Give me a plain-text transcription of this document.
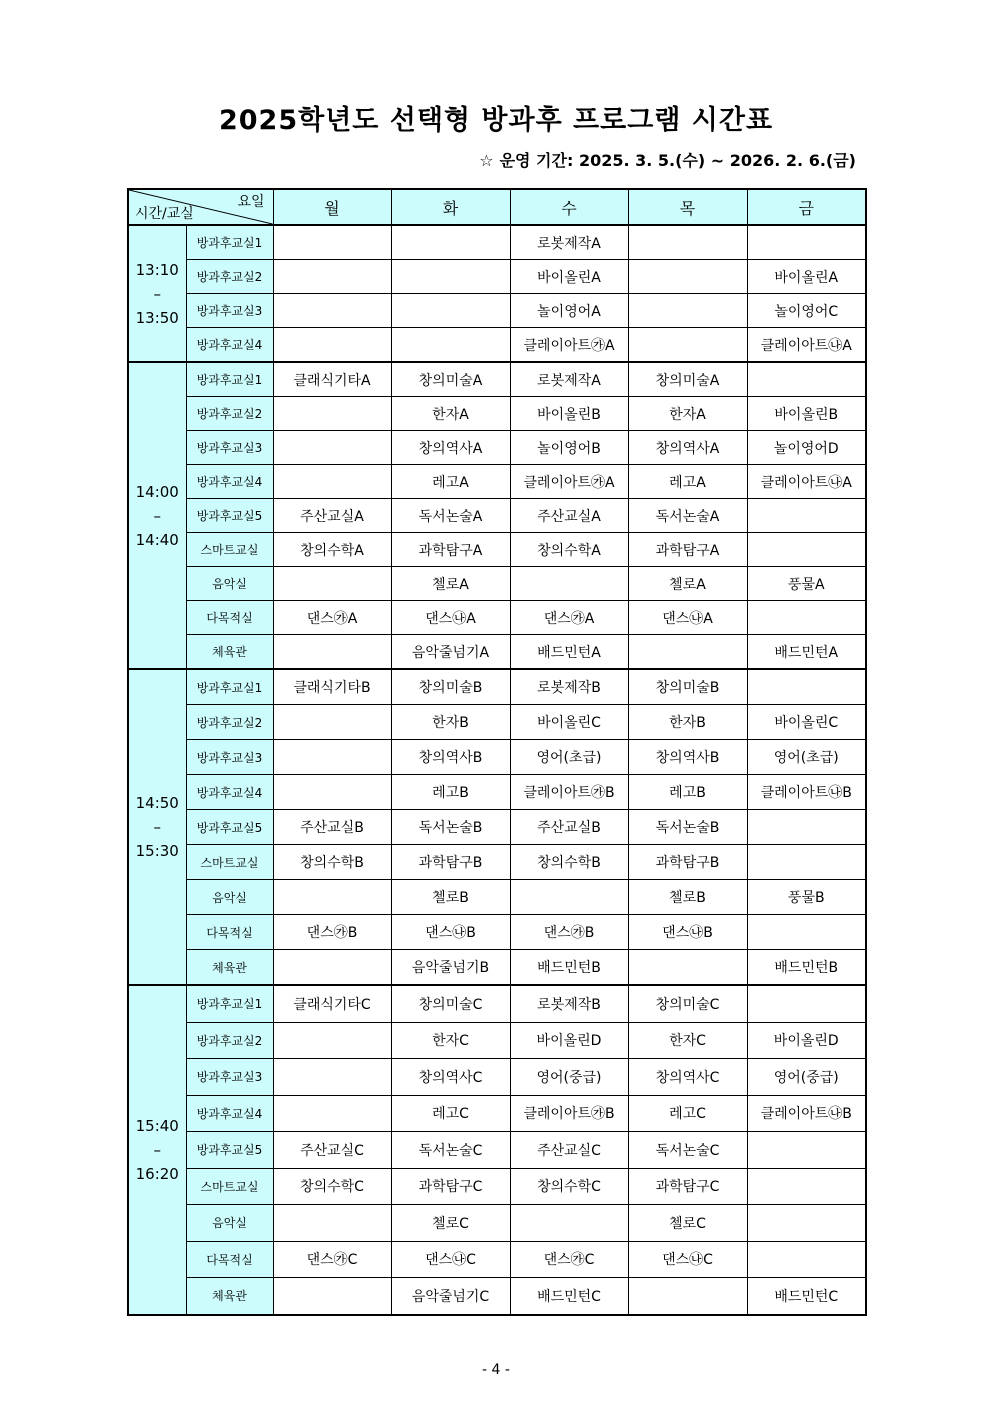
2025학년도 선택형 방과후 프로그램 시간표
☆ 운영 기간: 2025. 3. 5.(수) ~ 2026. 2. 6.(금)
요일
시간/교실		월	화	수	목	금

13:10
–
13:50	방과후교실1			로봇제작A		
	방과후교실2			바이올린A		바이올린A
	방과후교실3			놀이영어A		놀이영어C
	방과후교실4			클레이아트㉮A		클레이아트㉯A

14:00
–
14:40	방과후교실1	클래식기타A	창의미술A	로봇제작A	창의미술A	
	방과후교실2		한자A	바이올린B	한자A	바이올린B
	방과후교실3		창의역사A	놀이영어B	창의역사A	놀이영어D
	방과후교실4		레고A	클레이아트㉮A	레고A	클레이아트㉯A
	방과후교실5	주산교실A	독서논술A	주산교실A	독서논술A	
	스마트교실	창의수학A	과학탐구A	창의수학A	과학탐구A	
	음악실		첼로A		첼로A	풍물A
	다목적실	댄스㉮A	댄스㉯A	댄스㉮A	댄스㉯A	
	체육관		음악줄넘기A	배드민턴A		배드민턴A

14:50
–
15:30	방과후교실1	클래식기타B	창의미술B	로봇제작B	창의미술B	
	방과후교실2		한자B	바이올린C	한자B	바이올린C
	방과후교실3		창의역사B	영어(초급)	창의역사B	영어(초급)
	방과후교실4		레고B	클레이아트㉮B	레고B	클레이아트㉯B
	방과후교실5	주산교실B	독서논술B	주산교실B	독서논술B	
	스마트교실	창의수학B	과학탐구B	창의수학B	과학탐구B	
	음악실		첼로B		첼로B	풍물B
	다목적실	댄스㉮B	댄스㉯B	댄스㉮B	댄스㉯B	
	체육관		음악줄넘기B	배드민턴B		배드민턴B

15:40
–
16:20	방과후교실1	클래식기타C	창의미술C	로봇제작B	창의미술C	
	방과후교실2		한자C	바이올린D	한자C	바이올린D
	방과후교실3		창의역사C	영어(중급)	창의역사C	영어(중급)
	방과후교실4		레고C	클레이아트㉮B	레고C	클레이아트㉯B
	방과후교실5	주산교실C	독서논술C	주산교실C	독서논술C	
	스마트교실	창의수학C	과학탐구C	창의수학C	과학탐구C	
	음악실		첼로C		첼로C	
	다목적실	댄스㉮C	댄스㉯C	댄스㉮C	댄스㉯C	
	체육관		음악줄넘기C	배드민턴C		배드민턴C
- 4 -
